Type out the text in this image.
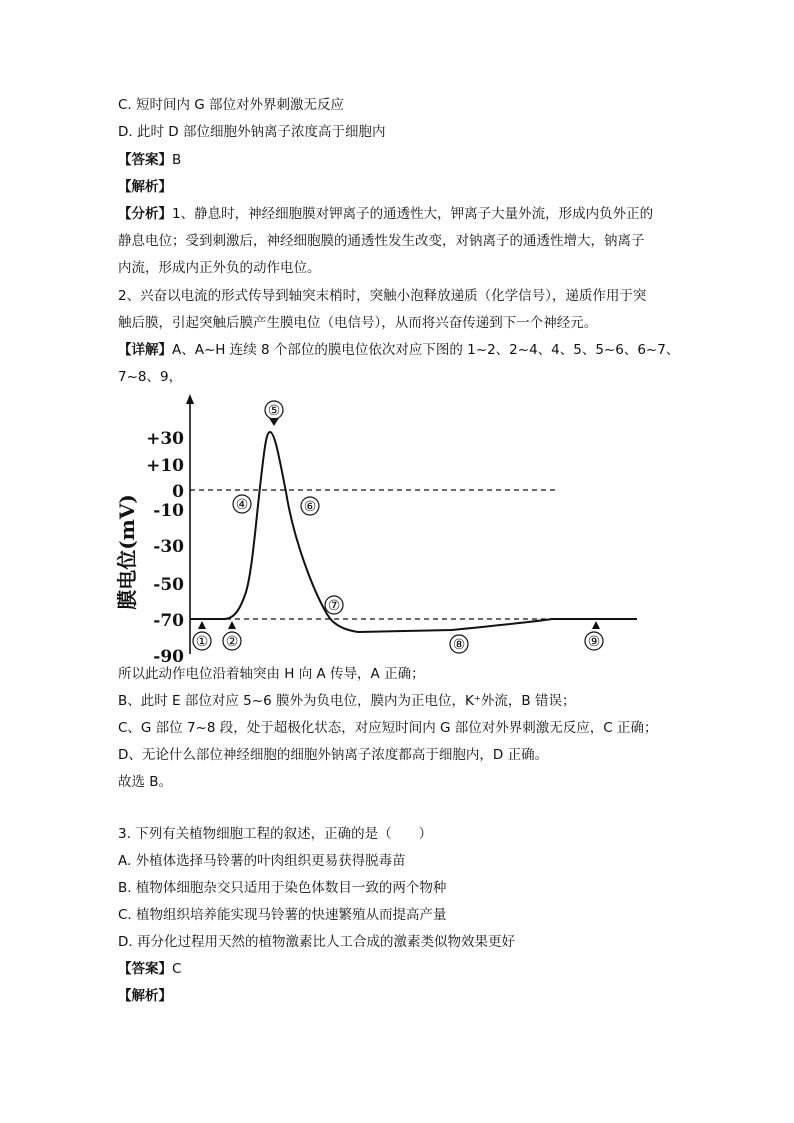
C. 短时间内 G 部位对外界刺激无反应
D. 此时 D 部位细胞外钠离子浓度高于细胞内
【答案】B
【解析】
【分析】1、静息时，神经细胞膜对钾离子的通透性大，钾离子大量外流，形成内负外正的
静息电位；受到刺激后，神经细胞膜的通透性发生改变，对钠离子的通透性增大，钠离子
内流，形成内正外负的动作电位。
2、兴奋以电流的形式传导到轴突末梢时，突触小泡释放递质（化学信号），递质作用于突
触后膜，引起突触后膜产生膜电位（电信号），从而将兴奋传递到下一个神经元。
【详解】A、A~H 连续 8 个部位的膜电位依次对应下图的 1~2、2~4、4、5、5~6、6~7、
7~8、9，
所以此动作电位沿着轴突由 H 向 A 传导，A 正确；
B、此时 E 部位对应 5~6 膜外为负电位，膜内为正电位，K⁺外流，B 错误；
C、G 部位 7~8 段，处于超极化状态，对应短时间内 G 部位对外界刺激无反应，C 正确；
D、无论什么部位神经细胞的细胞外钠离子浓度都高于细胞内，D 正确。
故选 B。
3. 下列有关植物细胞工程的叙述，正确的是（　　）
A. 外植体选择马铃薯的叶肉组织更易获得脱毒苗
B. 植物体细胞杂交只适用于染色体数目一致的两个物种
C. 植物组织培养能实现马铃薯的快速繁殖从而提高产量
D. 再分化过程用天然的植物激素比人工合成的激素类似物效果更好
【答案】C
【解析】
+30
+10
0
-10
-30
-50
-70
-90
膜电位(mV)
① ②
④
⑤
⑥
⑦
⑧	⑨
